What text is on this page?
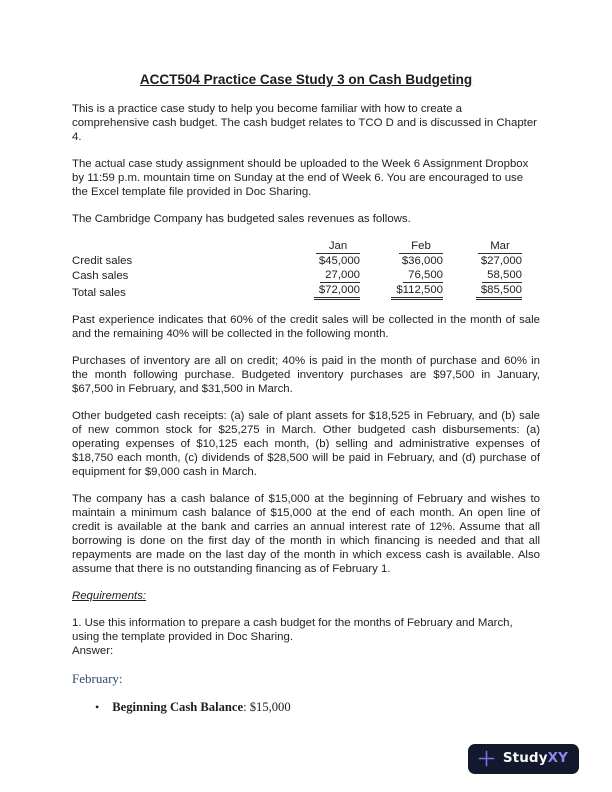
ACCT504 Practice Case Study 3 on Cash Budgeting

This is a practice case study to help you become familiar with how to create a comprehensive cash budget. The cash budget relates to TCO D and is discussed in Chapter 4.

The actual case study assignment should be uploaded to the Week 6 Assignment Dropbox by 11:59 p.m. mountain time on Sunday at the end of Week 6. You are encouraged to use the Excel template file provided in Doc Sharing.

The Cambridge Company has budgeted sales revenues as follows.

	Jan	Feb	Mar
Credit sales	$45,000	$36,000	$27,000
Cash sales	27,000	76,500	58,500
Total sales	$72,000	$112,500	$85,500

Past experience indicates that 60% of the credit sales will be collected in the month of sale and the remaining 40% will be collected in the following month.

Purchases of inventory are all on credit; 40% is paid in the month of purchase and 60% in the month following purchase. Budgeted inventory purchases are $97,500 in January, $67,500 in February, and $31,500 in March.

Other budgeted cash receipts: (a) sale of plant assets for $18,525 in February, and (b) sale of new common stock for $25,275 in March. Other budgeted cash disbursements: (a) operating expenses of $10,125 each month, (b) selling and administrative expenses of $18,750 each month, (c) dividends of $28,500 will be paid in February, and (d) purchase of equipment for $9,000 cash in March.

The company has a cash balance of $15,000 at the beginning of February and wishes to maintain a minimum cash balance of $15,000 at the end of each month. An open line of credit is available at the bank and carries an annual interest rate of 12%. Assume that all borrowing is done on the first day of the month in which financing is needed and that all repayments are made on the last day of the month in which excess cash is available. Also assume that there is no outstanding financing as of February 1.

Requirements:

1. Use this information to prepare a cash budget for the months of February and March, using the template provided in Doc Sharing.
Answer:
February:
• Beginning Cash Balance: $15,000
StudyXY
